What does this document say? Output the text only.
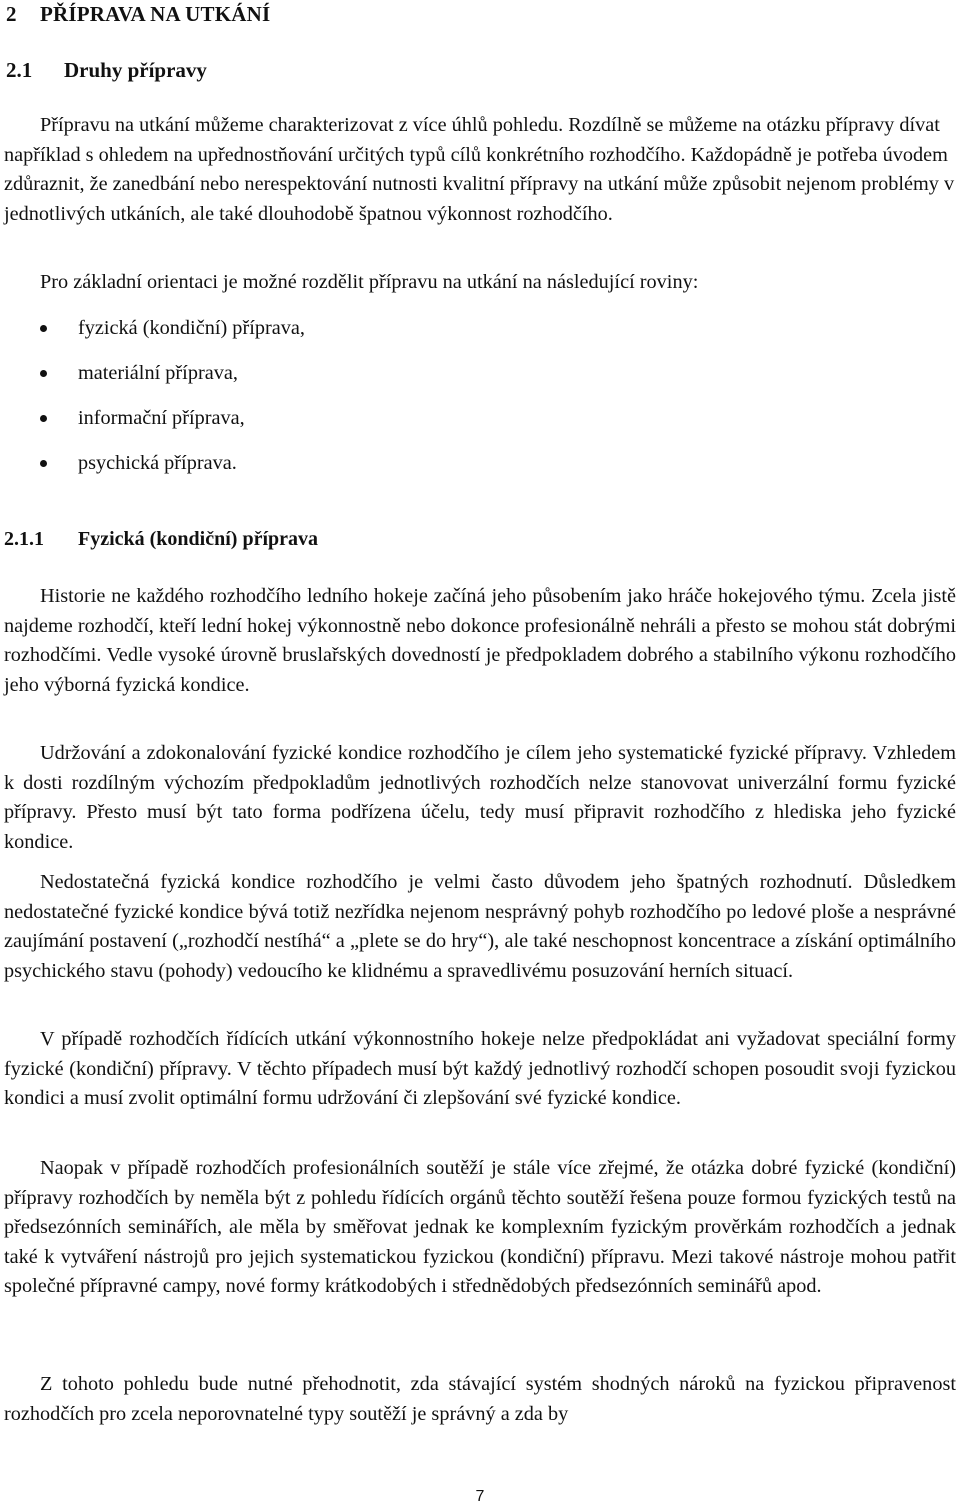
2 PŘÍPRAVA NA UTKÁNÍ
2.1 Druhy přípravy

Přípravu na utkání můžeme charakterizovat z více úhlů pohledu. Rozdílně se můžeme na otázku přípravy dívat například s ohledem na upřednostňování určitých typů cílů konkrétního rozhodčího. Každopádně je potřeba úvodem zdůraznit, že zanedbání nebo nerespektování nutnosti kvalitní přípravy na utkání může způsobit nejenom problémy v jednotlivých utkáních, ale také dlouhodobě špatnou výkonnost rozhodčího.

Pro základní orientaci je možné rozdělit přípravu na utkání na následující roviny:

fyzická (kondiční) příprava,
materiální příprava,
informační příprava,
psychická příprava.
2.1.1 Fyzická (kondiční) příprava

Historie ne každého rozhodčího ledního hokeje začíná jeho působením jako hráče hokejového týmu. Zcela jistě najdeme rozhodčí, kteří lední hokej výkonnostně nebo dokonce profesionálně nehráli a přesto se mohou stát dobrými rozhodčími. Vedle vysoké úrovně bruslařských dovedností je předpokladem dobrého a stabilního výkonu rozhodčího jeho výborná fyzická kondice.

Udržování a zdokonalování fyzické kondice rozhodčího je cílem jeho systematické fyzické přípravy. Vzhledem k dosti rozdílným výchozím předpokladům jednotlivých rozhodčích nelze stanovovat univerzální formu fyzické přípravy. Přesto musí být tato forma podřízena účelu, tedy musí připravit rozhodčího z hlediska jeho fyzické kondice.

Nedostatečná fyzická kondice rozhodčího je velmi často důvodem jeho špatných rozhodnutí. Důsledkem nedostatečné fyzické kondice bývá totiž nezřídka nejenom nesprávný pohyb rozhodčího po ledové ploše a nesprávné zaujímání postavení („rozhodčí nestíhá“ a „plete se do hry“), ale také neschopnost koncentrace a získání optimálního psychického stavu (pohody) vedoucího ke klidnému a spravedlivému posuzování herních situací.

V případě rozhodčích řídících utkání výkonnostního hokeje nelze předpokládat ani vyžadovat speciální formy fyzické (kondiční) přípravy. V těchto případech musí být každý jednotlivý rozhodčí schopen posoudit svoji fyzickou kondici a musí zvolit optimální formu udržování či zlepšování své fyzické kondice.

Naopak v případě rozhodčích profesionálních soutěží je stále více zřejmé, že otázka dobré fyzické (kondiční) přípravy rozhodčích by neměla být z pohledu řídících orgánů těchto soutěží řešena pouze formou fyzických testů na předsezónních seminářích, ale měla by směřovat jednak ke komplexním fyzickým prověrkám rozhodčích a jednak také k vytváření nástrojů pro jejich systematickou fyzickou (kondiční) přípravu. Mezi takové nástroje mohou patřit společné přípravné campy, nové formy krátkodobých i střednědobých předsezónních seminářů apod.

Z tohoto pohledu bude nutné přehodnotit, zda stávající systém shodných nároků na fyzickou připravenost rozhodčích pro zcela neporovnatelné typy soutěží je správný a zda by

7
